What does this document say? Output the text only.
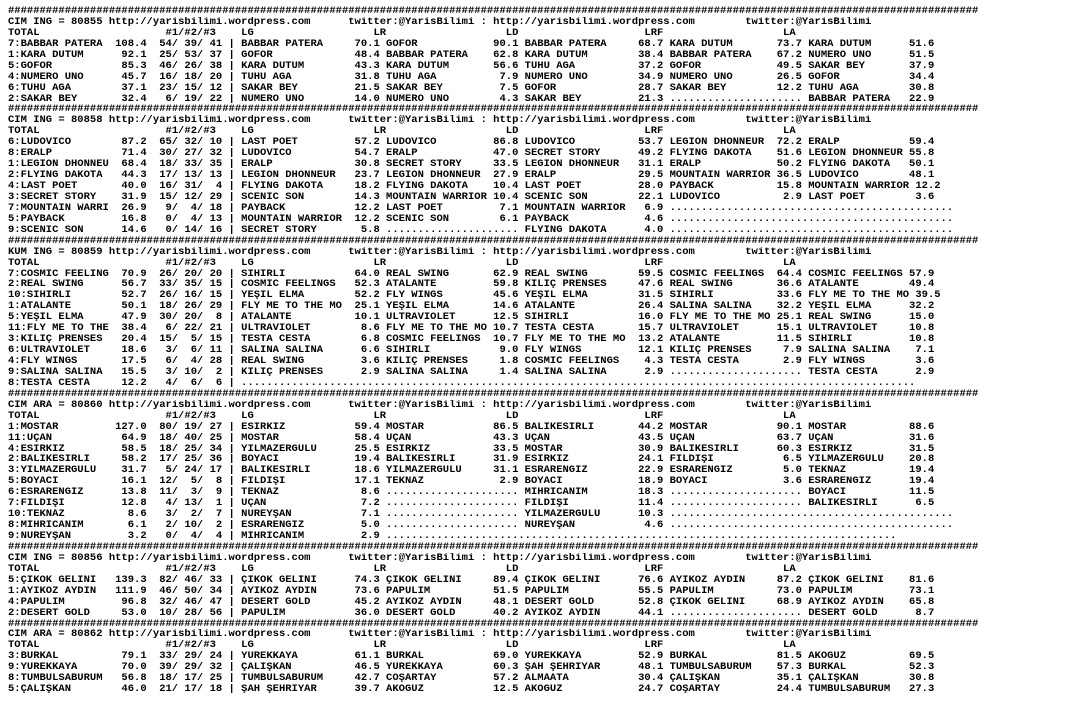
##########################################################################################################################################################
CIM ING = 80855 http://yarisbilimi.wordpress.com      twitter:@YarisBilimi : http://yarisbilimi.wordpress.com        twitter:@YarisBilimi
TOTAL                    #1/#2/#3    LG                   LR                   LD                    LRF                   LA
7:BABBAR PATERA  108.4  54/ 39/ 41 | BABBAR PATERA     70.1 GOFOR            90.1 BABBAR PATERA     68.7 KARA DUTUM       73.7 KARA DUTUM      51.6
1:KARA DUTUM      92.1  25/ 53/ 37 | GOFOR             48.4 BABBAR PATERA    62.8 KARA DUTUM        38.4 BABBAR PATERA    67.2 NUMERO UNO      51.5
5:GOFOR           85.3  46/ 26/ 38 | KARA DUTUM        43.3 KARA DUTUM       56.6 TUHU AĞA          37.2 GOFOR            49.5 SAKAR BEY       37.9
4:NUMERO UNO      45.7  16/ 18/ 20 | TUHU AĞA          31.8 TUHU AĞA          7.9 NUMERO UNO        34.9 NUMERO UNO       26.5 GOFOR           34.4
6:TUHU AĞA        37.1  23/ 15/ 12 | SAKAR BEY         21.5 SAKAR BEY         7.5 GOFOR             28.7 SAKAR BEY        12.2 TUHU AĞA        30.8
2:SAKAR BEY       32.4   6/ 19/ 22 | NUMERO UNO        14.0 NUMERO UNO        4.3 SAKAR BEY         21.3 ..................... BABBAR PATERA   22.9
##########################################################################################################################################################
CIM ING = 80858 http://yarisbilimi.wordpress.com      twitter:@YarisBilimi : http://yarisbilimi.wordpress.com        twitter:@YarisBilimi
TOTAL                    #1/#2/#3    LG                   LR                   LD                    LRF                   LA
6:LUDOVICO        87.2  65/ 32/ 10 | LAST POET         57.2 LUDOVICO         86.8 LUDOVICO          53.7 LEGION DHONNEUR  72.2 ERALP           59.4
8:ERALP           71.4  30/ 27/ 32 | LUDOVICO          54.7 ERALP            47.0 SECRET STORY      49.2 FLYING DAKOTA    51.6 LEGION DHONNEUR 55.8
1:LEGION DHONNEU  68.4  18/ 33/ 35 | ERALP             30.8 SECRET STORY     33.5 LEGION DHONNEUR   31.1 ERALP            50.2 FLYING DAKOTA   50.1
2:FLYING DAKOTA   44.3  17/ 13/ 13 | LEGION DHONNEUR   23.7 LEGION DHONNEUR  27.9 ERALP             29.5 MOUNTAIN WARRIOR 36.5 LUDOVICO        48.1
4:LAST POET       40.0  16/ 31/  4 | FLYING DAKOTA     18.2 FLYING DAKOTA    10.4 LAST POET         28.0 PAYBACK          15.8 MOUNTAIN WARRIOR 12.2
3:SECRET STORY    31.9  15/ 12/ 29 | SCENIC SON        14.3 MOUNTAIN WARRIOR 10.4 SCENIC SON        22.1 LUDOVICO          2.9 LAST POET        3.6
7:MOUNTAIN WARRI  26.9   9/  4/ 18 | PAYBACK           12.2 LAST POET         7.1 MOUNTAIN WARRIOR   6.9 .............................................
5:PAYBACK         16.8   0/  4/ 13 | MOUNTAIN WARRIOR  12.2 SCENIC SON        6.1 PAYBACK            4.6 .............................................
9:SCENIC SON      14.6   0/ 14/ 16 | SECRET STORY       5.8 ..................... FLYING DAKOTA      4.0 .............................................
##########################################################################################################################################################
KUM ING = 80859 http://yarisbilimi.wordpress.com      twitter:@YarisBilimi : http://yarisbilimi.wordpress.com        twitter:@YarisBilimi
TOTAL                    #1/#2/#3    LG                   LR                   LD                    LRF                   LA
7:COSMIC FEELING  70.9  26/ 20/ 20 | SİHİRLİ           64.0 REAL SWING       62.9 REAL SWING        59.5 COSMIC FEELINGS  64.4 COSMIC FEELINGS 57.9
2:REAL SWING      56.7  33/ 35/ 15 | COSMIC FEELINGS   52.3 ATALANTE         59.8 KILIÇ PRENSES     47.6 REAL SWING       36.6 ATALANTE        49.4
10:SİHİRLİ        52.7  26/ 16/ 15 | YEŞİL ELMA        52.2 FLY WINGS        45.6 YEŞİL ELMA        31.5 SİHİRLİ          33.6 FLY ME TO THE MO 39.5
1:ATALANTE        50.1  18/ 26/ 29 | FLY ME TO THE MO  25.1 YEŞİL ELMA       14.6 ATALANTE          26.4 SALINA SALINA    32.2 YEŞİL ELMA      32.2
5:YEŞİL ELMA      47.9  30/ 20/  8 | ATALANTE          10.1 ULTRAVIOLET      12.5 SİHİRLİ           16.0 FLY ME TO THE MO 25.1 REAL SWING      15.0
11:FLY ME TO THE  38.4   6/ 22/ 21 | ULTRAVIOLET        8.6 FLY ME TO THE MO 10.7 TESTA CESTA       15.7 ULTRAVIOLET      15.1 ULTRAVIOLET     10.8
3:KILIÇ PRENSES   20.4  15/  5/ 15 | TESTA CESTA        6.8 COSMIC FEELINGS  10.7 FLY ME TO THE MO  13.2 ATALANTE         11.5 SİHİRLİ         10.8
6:ULTRAVIOLET     18.6   3/  6/ 11 | SALINA SALINA      6.6 SİHİRLİ           9.0 FLY WINGS         12.1 KILIÇ PRENSES     7.9 SALINA SALINA    7.1
4:FLY WINGS       17.5   6/  4/ 28 | REAL SWING         3.6 KILIÇ PRENSES     1.8 COSMIC FEELINGS    4.3 TESTA CESTA       2.9 FLY WINGS        3.6
9:SALINA SALINA   15.5   3/ 10/  2 | KILIÇ PRENSES      2.9 SALINA SALINA     1.4 SALINA SALINA      2.9 ..................... TESTA CESTA      2.9
8:TESTA CESTA     12.2   4/  6/  6 | ...........................................................................................................
##########################################################################################################################################################
CIM ARA = 80860 http://yarisbilimi.wordpress.com      twitter:@YarisBilimi : http://yarisbilimi.wordpress.com        twitter:@YarisBilimi
TOTAL                    #1/#2/#3    LG                   LR                   LD                    LRF                   LA
1:MOSTAR         127.0  80/ 19/ 27 | ESİRKIZ           59.4 MOSTAR           86.5 BALIKESİRLİ       44.2 MOSTAR           90.1 MOSTAR          88.6
11:UÇAN           64.9  18/ 40/ 25 | MOSTAR            58.4 UÇAN             43.3 UÇAN              43.5 UÇAN             63.7 UÇAN            31.6
4:ESİRKIZ         58.5  18/ 25/ 34 | YILMAZERGÜLÜ      25.5 ESİRKIZ          33.5 MOSTAR            30.9 BALIKESİRLİ      60.3 ESİRKIZ         31.5
2:BALIKESİRLİ     58.2  17/ 25/ 36 | BOYACI            19.4 BALIKESİRLİ      31.9 ESİRKIZ           24.1 FİLDİŞİ           6.5 YILMAZERGÜLÜ    20.8
3:YILMAZERGÜLÜ    31.7   5/ 24/ 17 | BALIKESİRLİ       18.6 YILMAZERGÜLÜ     31.1 ESRARENGİZ        22.9 ESRARENGİZ        5.0 TEKNAZ          19.4
5:BOYACI          16.1  12/  5/  8 | FİLDİŞİ           17.1 TEKNAZ            2.9 BOYACI            18.9 BOYACI            3.6 ESRARENGİZ      19.4
6:ESRARENGİZ      13.8  11/  3/  9 | TEKNAZ             8.6 ..................... MİHRİCANIM        18.3 ..................... BOYACI          11.5
7:FİLDİŞİ         12.8   4/ 13/  1 | UÇAN               7.2 ..................... FİLDİŞİ           11.4 ..................... BALIKESİRLİ      6.5
10:TEKNAZ          8.6   3/  2/  7 | NUREYŞAN           7.1 ..................... YILMAZERGÜLÜ      10.3 .............................................
8:MİHRİCANIM       6.1   2/ 10/  2 | ESRARENGİZ         5.0 ..................... NUREYŞAN           4.6 .............................................
9:NUREYŞAN         3.2   0/  4/  4 | MİHRİCANIM         2.9 .................................................................................
##########################################################################################################################################################
CIM ING = 80856 http://yarisbilimi.wordpress.com      twitter:@YarisBilimi : http://yarisbilimi.wordpress.com        twitter:@YarisBilimi
TOTAL                    #1/#2/#3    LG                   LR                   LD                    LRF                   LA
5:ÇİKOK GELİNİ   139.3  82/ 46/ 33 | ÇİKOK GELİNİ      74.3 ÇİKOK GELİNİ     89.4 ÇİKOK GELİNİ      76.6 AYIKÖZ AYDIN     87.2 ÇİKOK GELİNİ    81.6
1:AYIKÖZ AYDIN   111.9  46/ 50/ 34 | AYIKÖZ AYDIN      73.6 PAPULİM          51.5 PAPULİM           55.5 PAPULİM          73.0 PAPULİM         73.1
4:PAPULİM         96.8  32/ 46/ 47 | DESERT GOLD       45.2 AYIKÖZ AYDIN     48.1 DESERT GOLD       52.8 ÇİKOK GELİNİ     68.9 AYIKÖZ AYDIN    65.8
2:DESERT GOLD     53.0  10/ 28/ 56 | PAPULİM           36.0 DESERT GOLD      40.2 AYIKÖZ AYDIN      44.1 ..................... DESERT GOLD      8.7
##########################################################################################################################################################
CIM ARA = 80862 http://yarisbilimi.wordpress.com      twitter:@YarisBilimi : http://yarisbilimi.wordpress.com        twitter:@YarisBilimi
TOTAL                    #1/#2/#3    LG                   LR                   LD                    LRF                   LA
3:BURKAL          79.1  33/ 29/ 24 | YÜREKKAYA         61.1 BURKAL           69.0 YÜREKKAYA         52.9 BURKAL           81.5 AKOĞUZ          69.5
9:YÜREKKAYA       70.0  39/ 29/ 32 | ÇALIŞKAN          46.5 YÜREKKAYA        60.3 ŞAH ŞEHRİYAR      48.1 TUMBULSABURUM    57.3 BURKAL          52.3
8:TUMBULSABURUM   56.8  18/ 17/ 25 | TUMBULSABURUM     42.7 COŞARTAY         57.2 ALMAATA           30.4 ÇALIŞKAN         35.1 ÇALIŞKAN        30.8
5:ÇALIŞKAN        46.0  21/ 17/ 18 | ŞAH ŞEHRİYAR      39.7 AKOĞUZ           12.5 AKOĞUZ            24.7 COŞARTAY         24.4 TUMBULSABURUM   27.3
